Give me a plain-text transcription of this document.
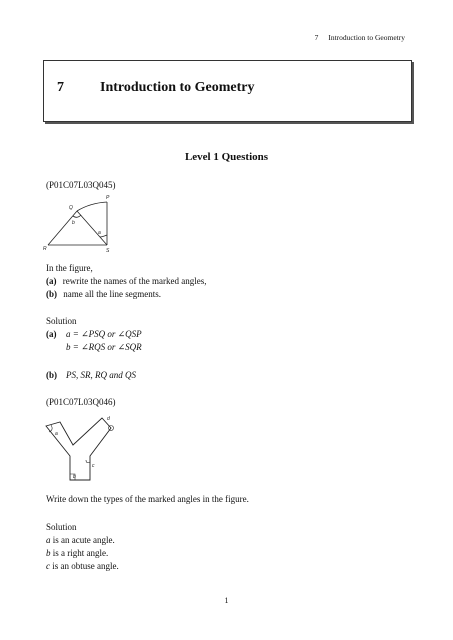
7 Introduction to Geometry
7	Introduction to Geometry
Level 1 Questions
(P01C07L03Q045)
P
Q
R	S
a
b
In the figure,
(a) rewrite the names of the marked angles,
(b) name all the line segments.
Solution
(a) a = ∠PSQ or ∠QSP
b = ∠RQS or ∠SQR
(b) PS, SR, RQ and QS
(P01C07L03Q046)
a
b
c
d
Write down the types of the marked angles in the figure.
Solution
a is an acute angle.
b is a right angle.
c is an obtuse angle.
1
